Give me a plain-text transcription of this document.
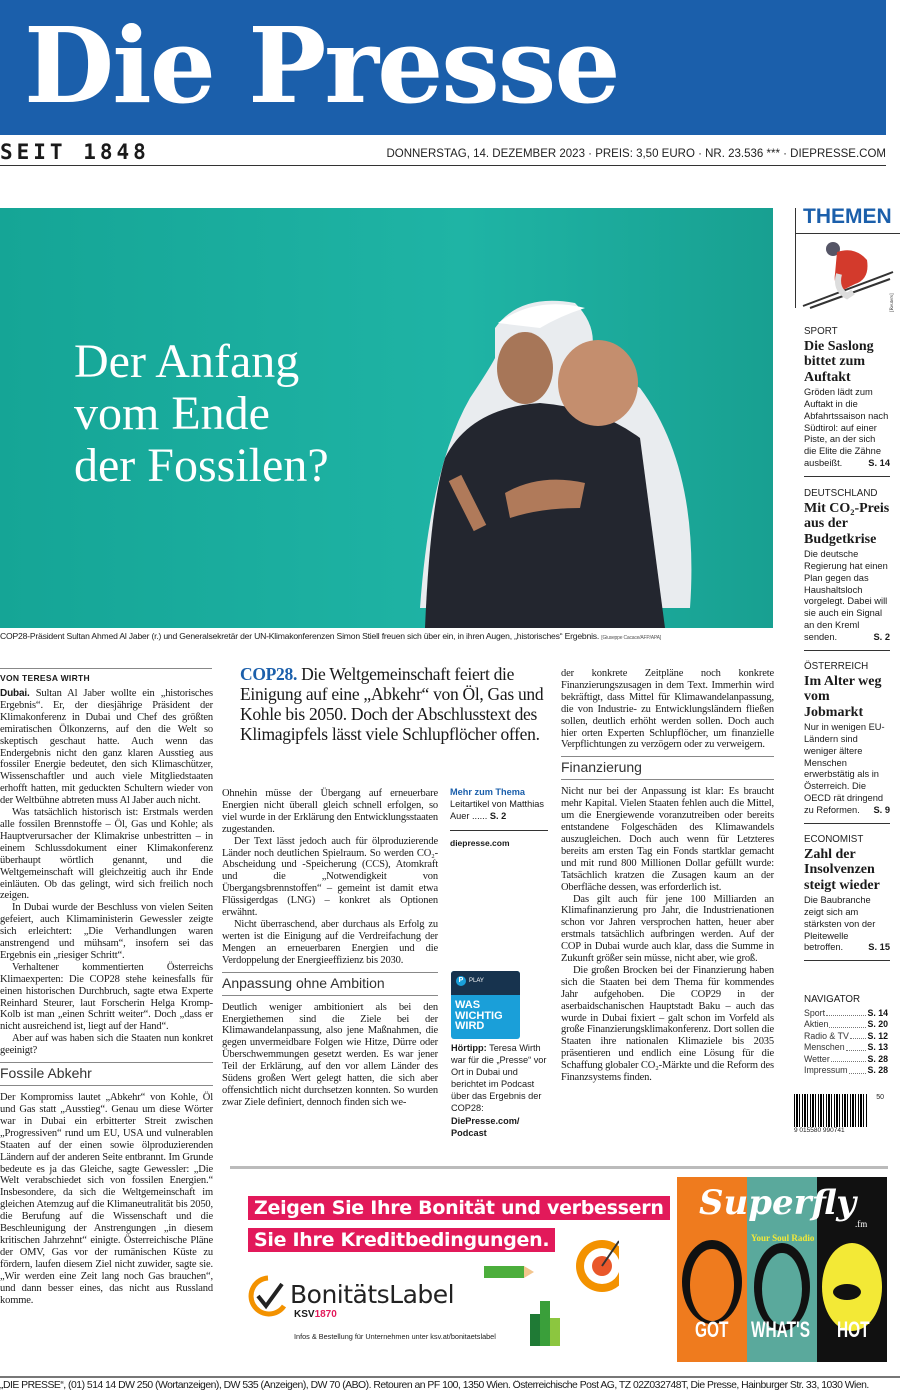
Die Presse
SEIT 1848	DONNERSTAG, 14. DEZEMBER 2023 · PREIS: 3,50 EURO · NR. 23.536 *** · DIEPRESSE.COM
Der Anfang
vom Ende
der Fossilen?
COP28-Präsident Sultan Ahmed Al Jaber (r.) und Generalsekretär der UN-Klimakonferenzen Simon Stiell freuen sich über ein, in ihren Augen, „historisches“ Ergebnis. [Giuseppe Cacace/AFP/APA]
VON TERESA WIRTH

Dubai. Sultan Al Jaber wollte ein „historisches Ergebnis“. Er, der diesjährige Präsident der Klimakonferenz in Dubai und Chef des größten emiratischen Ölkonzerns, auf den die Welt so skeptisch geschaut hatte. Auch wenn das Endergebnis nicht den ganz klaren Ausstieg aus fossiler Energie bedeutet, den sich Klimaschützer, Wissenschaftler und auch viele Mitgliedstaaten erhofft hatten, mit geduckten Schultern wieder von der Weltbühne abtreten muss Al Jaber auch nicht.

Was tatsächlich historisch ist: Erstmals werden alle fossilen Brennstoffe – Öl, Gas und Kohle; als Hauptverursacher der Klimakrise unbestritten – in einem Schlussdokument einer Klimakonferenz überhaupt wörtlich genannt, und die Weltgemeinschaft will gleichzeitig auch ihr Ende einläuten. Ob das gelingt, wird sich freilich noch zeigen.

In Dubai wurde der Beschluss von vielen Seiten gefeiert, auch Klimaministerin Gewessler zeigte sich erleichtert: „Die Verhandlungen waren anstrengend und mühsam“, insofern sei das Ergebnis ein „riesiger Schritt“.

Verhaltener kommentierten Österreichs Klimaexperten: Die COP28 stehe keinesfalls für einen historischen Durchbruch, sagte etwa Experte Reinhard Steurer, laut Forscherin Helga Kromp-Kolb ist man „einen Schritt weiter“. Doch „dass er nicht ausreichend ist, liegt auf der Hand“.

Aber auf was haben sich die Staaten nun konkret geeinigt?

Fossile Abkehr

Der Kompromiss lautet „Abkehr“ von Kohle, Öl und Gas statt „Ausstieg“. Genau um diese Wörter war in Dubai ein erbitterter Streit zwischen „Progressiven“ rund um EU, USA und vulnerablen Staaten auf der einen sowie ölproduzierenden Ländern auf der anderen Seite entbrannt. Im Grunde bedeute es ja das Gleiche, sagte Gewessler: „Die Welt verabschiedet sich von fossilen Energien.“ Insbesondere, da sich die Weltgemeinschaft im gleichen Atemzug auf die Klimaneutralität bis 2050, die Berufung auf die Wissenschaft und die Beschleunigung der Anstrengungen „in diesem kritischen Jahrzehnt“ einigte. Österreichische Pläne der OMV, Gas vor der rumänischen Küste zu fördern, laufen diesem Ziel nicht zuwider, sagte sie. „Wir werden eine Zeit lang noch Gas brauchen“, und dann besser eines, das nicht aus Russland komme.

COP28. Die Weltgemeinschaft feiert die Einigung auf eine „Abkehr“ von Öl, Gas und Kohle bis 2050. Doch der Abschlusstext des Klimagipfels lässt viele Schlupflöcher offen.

Ohnehin müsse der Übergang auf erneuerbare Energien nicht überall gleich schnell erfolgen, so viel wurde in der Erklärung den Entwicklungsstaaten zugestanden.

Der Text lässt jedoch auch für ölproduzierende Länder noch deutlichen Spielraum. So werden CO₂-Abscheidung und -Speicherung (CCS), Atomkraft und die „Notwendigkeit von Übergangsbrennstoffen“ – gemeint ist damit etwa Flüssigerdgas (LNG) – konkret als Optionen erwähnt.

Nicht überraschend, aber durchaus als Erfolg zu werten ist die Einigung auf die Verdreifachung der Mengen an erneuerbaren Energien und die Verdoppelung der Energieeffizienz bis 2030.

Anpassung ohne Ambition

Deutlich weniger ambitioniert als bei den Energiethemen sind die Ziele bei der Klimawandelanpassung, also jene Maßnahmen, die gegen unvermeidbare Folgen wie Hitze, Dürre oder Überschwemmungen gesetzt werden. Es war jener Teil der Erklärung, auf den vor allem Länder des Südens großen Wert gelegt hatten, die sich aber offensichtlich nicht durchsetzen konnten. So wurden zwar Ziele definiert, dennoch finden sich we-

Mehr zum Thema
Leitartikel von Matthias Auer ...... S. 2
diepresse.com
P PLAY
WAS
WICHTIG
WIRD
Hörtipp: Teresa Wirth war für die „Presse“ vor Ort in Dubai und berichtet im Podcast über das Ergebnis der COP28:
DiePresse.com/ Podcast

der konkrete Zeitpläne noch konkrete Finanzierungszusagen in dem Text. Immerhin wird bekräftigt, dass Mittel für Klimawandelanpassung, die von Industrie- zu Entwicklungsländern fließen sollen, deutlich erhöht werden sollen. Doch auch hier orten Experten Schlupflöcher, um finanzielle Verpflichtungen zu verzögern oder zu verweigern.

Finanzierung

Nicht nur bei der Anpassung ist klar: Es braucht mehr Kapital. Vielen Staaten fehlen auch die Mittel, um die Energiewende voranzutreiben oder bereits entstandene Folgeschäden des Klimawandels auszugleichen. Doch auch wenn für Letzteres bereits am ersten Tag ein Fonds startklar gemacht und mit rund 800 Millionen Dollar gefüllt wurde: Tatsächlich kratzen die Zusagen kaum an der Oberfläche dessen, was erforderlich ist.

Das gilt auch für jene 100 Milliarden an Klimafinanzierung pro Jahr, die Industrienationen schon vor Jahren versprochen hatten, heuer aber erstmals tatsächlich aufbringen werden. Auf der COP in Dubai wurde auch klar, dass die Summe in Zukunft größer sein müsse, nicht aber, wie groß.

Die großen Brocken bei der Finanzierung haben sich die Staaten bei dem Thema für kommendes Jahr aufgehoben. Die COP29 in der aserbaidschanischen Hauptstadt Baku – auch das wurde in Dubai fixiert – galt schon im Vorfeld als große Finanzierungsklimakonferenz. Dort sollen die Staaten ihre nationalen Klimaziele bis 2035 präsentieren und endlich eine Lösung für die Schaffung globaler CO₂-Märkte und die Reform des Finanzsystems finden.

THEMEN
[Reuters]
SPORT
Die Saslong bittet zum Auftakt
Gröden lädt zum Auftakt in die Abfahrtssaison nach Südtirol: auf einer Piste, an der sich die Elite die Zähne ausbeißt.	S. 14
DEUTSCHLAND
Mit CO₂-Preis aus der Budgetkrise
Die deutsche Regierung hat einen Plan gegen das Haushaltsloch vorgelegt. Dabei will sie auch ein Signal an den Kreml senden.	S. 2
ÖSTERREICH
Im Alter weg vom Jobmarkt
Nur in wenigen EU-Ländern sind weniger ältere Menschen erwerbstätig als in Österreich. Die OECD rät dringend zu Reformen. S. 9
ECONOMIST
Zahl der Insolvenzen steigt wieder
Die Baubranche zeigt sich am stärksten von der Pleitewelle betroffen.	S. 15
NAVIGATOR
Sport	S. 14
Aktien	S. 20
Radio & TV S. 12
Menschen	S. 13
Wetter	S. 28
Impressum S. 28
50
9 015580 990741
Zeigen Sie Ihre Bonität und verbessern
Sie Ihre Kreditbedingungen.
BonitätsLabel
KSV1870
Infos & Bestellung für Unternehmen unter ksv.at/bonitaetslabel
Superfly
.fm
Your Soul Radio
GOT WHAT'S HOT
„DIE PRESSE“, (01) 514 14 DW 250 (Wortanzeigen), DW 535 (Anzeigen), DW 70 (ABO). Retouren an PF 100, 1350 Wien. Österreichische Post AG, TZ 02Z032748T, Die Presse, Hainburger Str. 33, 1030 Wien.
